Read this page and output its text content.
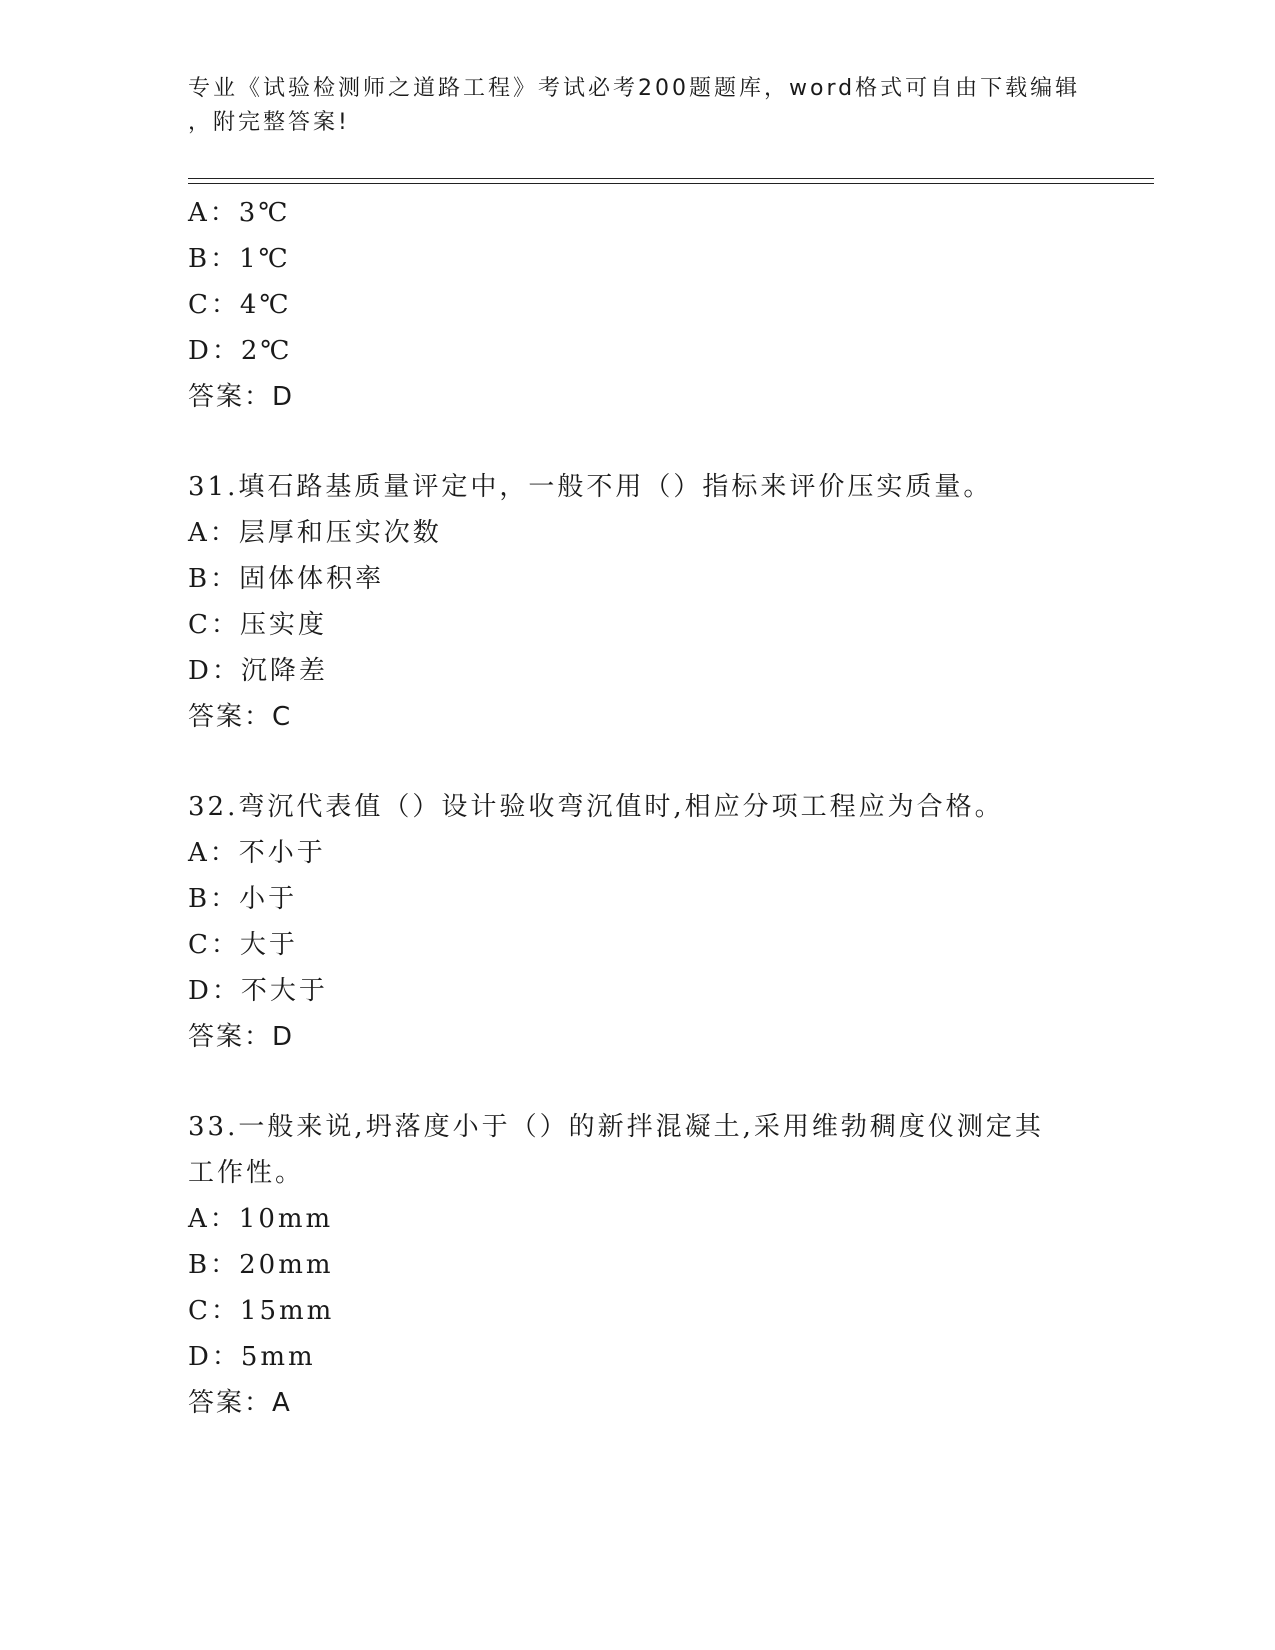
专业《试验检测师之道路工程》考试必考200题题库，word格式可自由下载编辑
，附完整答案!
A：3℃
B：1℃
C：4℃
D：2℃
答案：D
31.填石路基质量评定中，一般不用（）指标来评价压实质量。
A：层厚和压实次数
B：固体体积率
C：压实度
D：沉降差
答案：C
32.弯沉代表值（）设计验收弯沉值时,相应分项工程应为合格。
A：不小于
B：小于
C：大于
D：不大于
答案：D
33.一般来说,坍落度小于（）的新拌混凝土,采用维勃稠度仪测定其工作性。
A：10mm
B：20mm
C：15mm
D：5mm
答案：A
